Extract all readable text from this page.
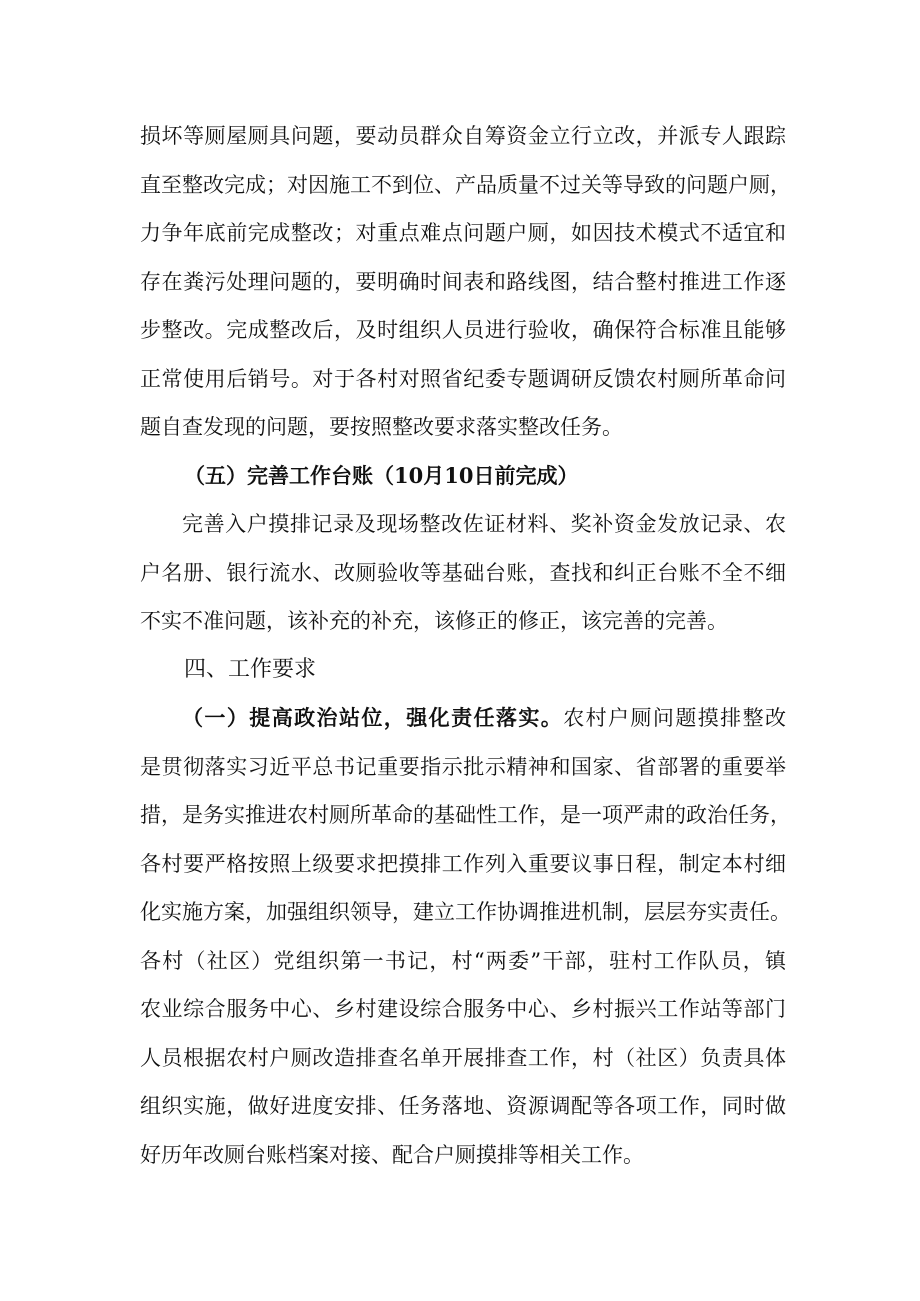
损坏等厕屋厕具问题，要动员群众自筹资金立行立改，并派专人跟踪
直至整改完成；对因施工不到位、产品质量不过关等导致的问题户厕，
力争年底前完成整改；对重点难点问题户厕，如因技术模式不适宜和
存在粪污处理问题的，要明确时间表和路线图，结合整村推进工作逐
步整改。完成整改后，及时组织人员进行验收，确保符合标准且能够
正常使用后销号。对于各村对照省纪委专题调研反馈农村厕所革命问
题自查发现的问题，要按照整改要求落实整改任务。
（五）完善工作台账（10月10日前完成）
完善入户摸排记录及现场整改佐证材料、奖补资金发放记录、农
户名册、银行流水、改厕验收等基础台账，查找和纠正台账不全不细
不实不准问题，该补充的补充，该修正的修正，该完善的完善。
四、工作要求
（一）提高政治站位，强化责任落实。农村户厕问题摸排整改
是贯彻落实习近平总书记重要指示批示精神和国家、省部署的重要举
措，是务实推进农村厕所革命的基础性工作，是一项严肃的政治任务，
各村要严格按照上级要求把摸排工作列入重要议事日程，制定本村细
化实施方案，加强组织领导，建立工作协调推进机制，层层夯实责任。
各村（社区）党组织第一书记，村“两委”干部，驻村工作队员，镇
农业综合服务中心、乡村建设综合服务中心、乡村振兴工作站等部门
人员根据农村户厕改造排查名单开展排查工作，村（社区）负责具体
组织实施，做好进度安排、任务落地、资源调配等各项工作，同时做
好历年改厕台账档案对接、配合户厕摸排等相关工作。
